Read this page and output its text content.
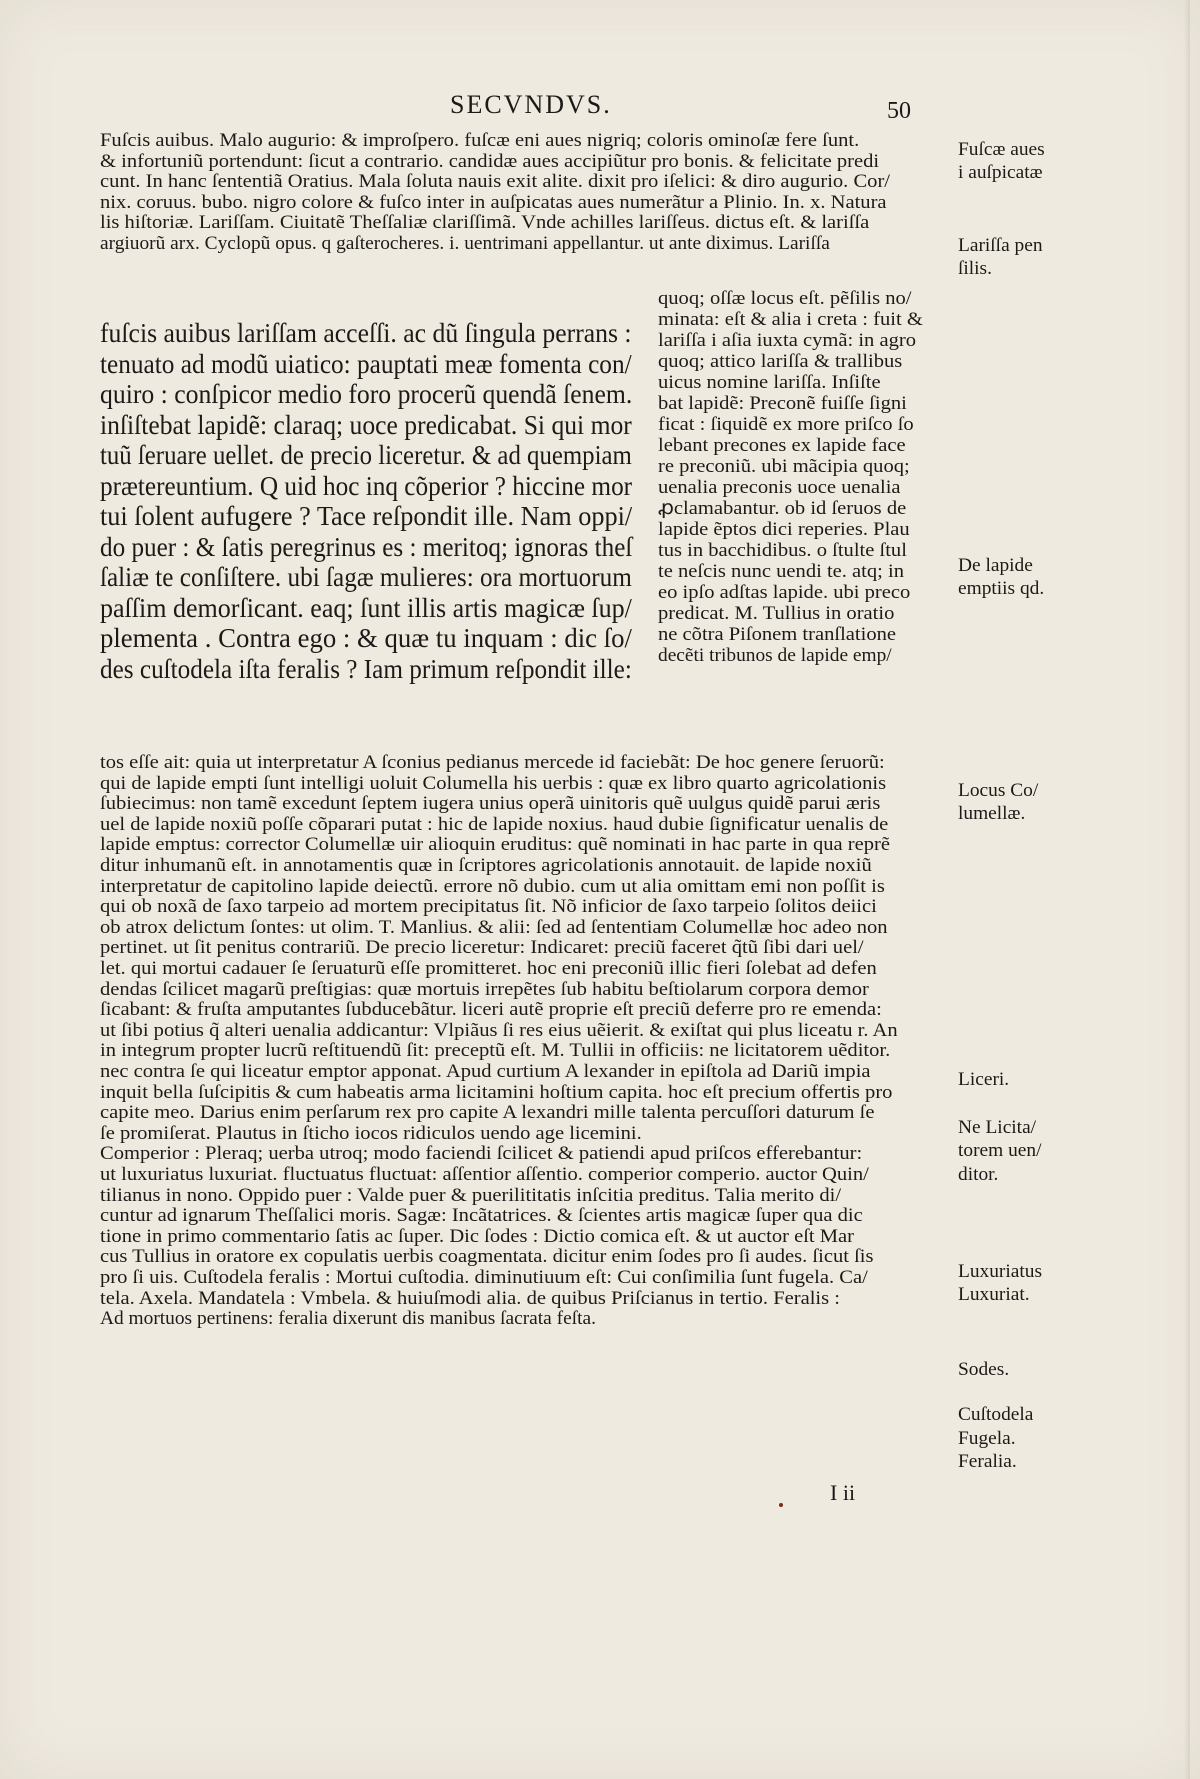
SECVNDVS.	50
Fuſcis auibus. Malo augurio: & improſpero. fuſcæ eni aues nigriq; coloris ominoſæ fere ſunt.
& infortuniũ portendunt: ſicut a contrario. candidæ aues accipiũtur pro bonis. & felicitate predi
cunt. In hanc ſententiã Oratius. Mala ſoluta nauis exit alite. dixit pro iſelici: & diro augurio. Cor/
nix. coruus. bubo. nigro colore & fuſco inter in auſpicatas aues numerãtur a Plinio. In. x. Natura
lis hiſtoriæ. Lariſſam. Ciuitatẽ Theſſaliæ clariſſimã. Vnde achilles lariſſeus. dictus eſt. & lariſſa
argiuorũ arx. Cyclopũ opus. q gaſterocheres. i. uentrimani appellantur. ut ante diximus. Lariſſa
fuſcis auibus lariſſam acceſſi. ac dũ ſingula perrans :
tenuato ad modũ uiatico: pauptati meæ fomenta con/
quiro : conſpicor medio foro procerũ quendã ſenem.
inſiſtebat lapidẽ: claraq; uoce predicabat. Si qui mor
tuũ ſeruare uellet. de precio liceretur. & ad quempiam
prætereuntium. Q uid hoc inq cõperior ? hiccine mor
tui ſolent aufugere ? Tace reſpondit ille. Nam oppi/
do puer : & ſatis peregrinus es : meritoq; ignoras theſ
ſaliæ te conſiſtere. ubi ſagæ mulieres: ora mortuorum
paſſim demorſicant. eaq; ſunt illis artis magicæ ſup/
plementa . Contra ego : & quæ tu inquam : dic ſo/
des cuſtodela iſta feralis ? Iam primum reſpondit ille:
quoq; oſſæ locus eſt. pẽſilis no/
minata: eſt & alia i creta : fuit &
lariſſa i aſia iuxta cymã: in agro
quoq; attico lariſſa & trallibus
uicus nomine lariſſa. Inſiſte
bat lapidẽ: Preconẽ fuiſſe ſigni
ficat : ſiquidẽ ex more priſco ſo
lebant precones ex lapide face
re preconiũ. ubi mãcipia quoq;
uenalia preconis uoce uenalia
ꝓclamabantur. ob id ſeruos de
lapide ẽptos dici reperies. Plau
tus in bacchidibus. o ſtulte ſtul
te neſcis nunc uendi te. atq; in
eo ipſo adſtas lapide. ubi preco
predicat. M. Tullius in oratio
ne cõtra Piſonem tranſlatione
decẽti tribunos de lapide emp/
tos eſſe ait: quia ut interpretatur A ſconius pedianus mercede id faciebãt: De hoc genere ſeruorũ:
qui de lapide empti ſunt intelligi uoluit Columella his uerbis : quæ ex libro quarto agricolationis
ſubiecimus: non tamẽ excedunt ſeptem iugera unius operã uinitoris quẽ uulgus quidẽ parui æris
uel de lapide noxiũ poſſe cõparari putat : hic de lapide noxius. haud dubie ſignificatur uenalis de
lapide emptus: corrector Columellæ uir alioquin eruditus: quẽ nominati in hac parte in qua reprẽ
ditur inhumanũ eſt. in annotamentis quæ in ſcriptores agricolationis annotauit. de lapide noxiũ
interpretatur de capitolino lapide deiectũ. errore nõ dubio. cum ut alia omittam emi non poſſit is
qui ob noxã de ſaxo tarpeio ad mortem precipitatus ſit. Nõ inficior de ſaxo tarpeio ſolitos deiici
ob atrox delictum ſontes: ut olim. T. Manlius. & alii: ſed ad ſententiam Columellæ hoc adeo non
pertinet. ut ſit penitus contrariũ. De precio liceretur: Indicaret: preciũ faceret q̃tũ ſibi dari uel/
let. qui mortui cadauer ſe ſeruaturũ eſſe promitteret. hoc eni preconiũ illic fieri ſolebat ad defen
dendas ſcilicet magarũ preſtigias: quæ mortuis irrepẽtes ſub habitu beſtiolarum corpora demor
ſicabant: & fruſta amputantes ſubducebãtur. liceri autẽ proprie eſt preciũ deferre pro re emenda:
ut ſibi potius q̃ alteri uenalia addicantur: Vlpiãus ſi res eius uẽierit. & exiſtat qui plus liceatu r. An
in integrum propter lucrũ reſtituendũ ſit: preceptũ eſt. M. Tullii in officiis: ne licitatorem uẽditor.
nec contra ſe qui liceatur emptor apponat. Apud curtium A lexander in epiſtola ad Dariũ impia
inquit bella ſuſcipitis & cum habeatis arma licitamini hoſtium capita. hoc eſt precium offertis pro
capite meo. Darius enim perſarum rex pro capite A lexandri mille talenta percuſſori daturum ſe
ſe promiſerat. Plautus in ſticho iocos ridiculos uendo age licemini.
Comperior : Pleraq; uerba utroq; modo faciendi ſcilicet & patiendi apud priſcos efferebantur:
ut luxuriatus luxuriat. fluctuatus fluctuat: aſſentior aſſentio. comperior comperio. auctor Quin/
tilianus in nono. Oppido puer : Valde puer & puerilititatis inſcitia preditus. Talia merito di/
cuntur ad ignarum Theſſalici moris. Sagæ: Incãtatrices. & ſcientes artis magicæ ſuper qua dic
tione in primo commentario ſatis ac ſuper. Dic ſodes : Dictio comica eſt. & ut auctor eſt Mar
cus Tullius in oratore ex copulatis uerbis coagmentata. dicitur enim ſodes pro ſi audes. ſicut ſis
pro ſi uis. Cuſtodela feralis : Mortui cuſtodia. diminutiuum eſt: Cui conſimilia ſunt fugela. Ca/
tela. Axela. Mandatela : Vmbela. & huiuſmodi alia. de quibus Priſcianus in tertio. Feralis :
Ad mortuos pertinens: feralia dixerunt dis manibus ſacrata feſta.
Fuſcæ aues
i auſpicatæ
Lariſſa pen
ſilis.
De lapide
emptiis qd.
Locus Co/
lumellæ.
Liceri.
Ne Licita/
torem uen/
ditor.
Luxuriatus
Luxuriat.
Sodes.
Cuſtodela
Fugela.
Feralia.
I ii
